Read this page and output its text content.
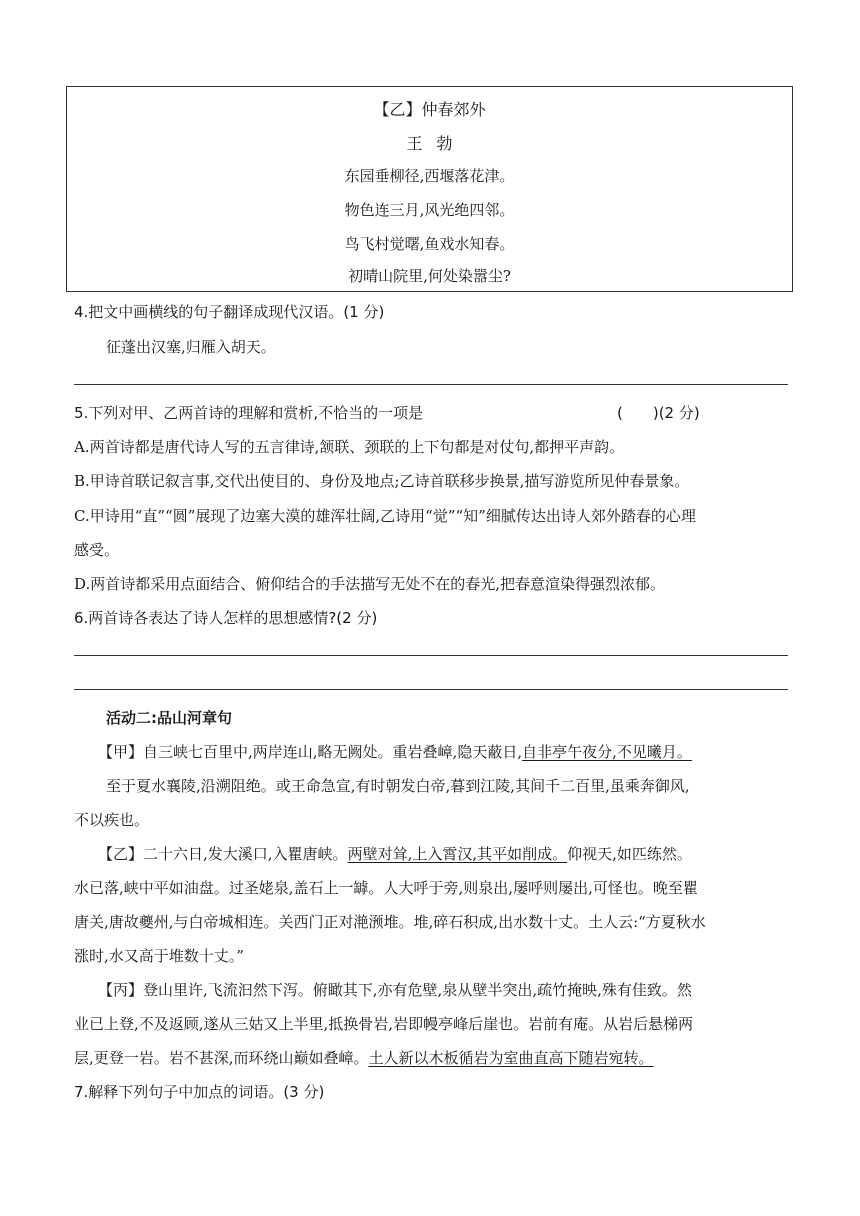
【乙】仲春郊外
王勃
东园垂柳径,西堰落花津。
物色连三月,风光绝四邻。
鸟飞村觉曙,鱼戏水知春。
初晴山院里,何处染嚣尘?
4.把文中画横线的句子翻译成现代汉语。(1 分)
征蓬出汉塞,归雁入胡天。
5.下列对甲、乙两首诗的理解和赏析,不恰当的一项是	(　　)(2 分)
A.两首诗都是唐代诗人写的五言律诗,颔联、颈联的上下句都是对仗句,都押平声韵。
B.甲诗首联记叙言事,交代出使目的、身份及地点;乙诗首联移步换景,描写游览所见仲春景象。
C.甲诗用“直”“圆”展现了边塞大漠的雄浑壮阔,乙诗用“觉”“知”细腻传达出诗人郊外踏春的心理
感受。
D.两首诗都采用点面结合、俯仰结合的手法描写无处不在的春光,把春意渲染得强烈浓郁。
6.两首诗各表达了诗人怎样的思想感情?(2 分)
活动二:品山河章句
【甲】自三峡七百里中,两岸连山,略无阙处。重岩叠嶂,隐天蔽日,自非亭午夜分,不见曦月。
至于夏水襄陵,沿溯阻绝。或王命急宣,有时朝发白帝,暮到江陵,其间千二百里,虽乘奔御风,
不以疾也。
【乙】二十六日,发大溪口,入瞿唐峡。两壁对耸,上入霄汉,其平如削成。仰视天,如匹练然。
水已落,峡中平如油盘。过圣姥泉,盖石上一罅。人大呼于旁,则泉出,屡呼则屡出,可怪也。晚至瞿
唐关,唐故夔州,与白帝城相连。关西门正对滟滪堆。堆,碎石积成,出水数十丈。土人云:“方夏秋水
涨时,水又高于堆数十丈。”
【丙】登山里许,飞流汩然下泻。俯瞰其下,亦有危壁,泉从壁半突出,疏竹掩映,殊有佳致。然
业已上登,不及返顾,遂从三姑又上半里,抵换骨岩,岩即幔亭峰后崖也。岩前有庵。从岩后悬梯两
层,更登一岩。岩不甚深,而环绕山巅如叠嶂。土人新以木板循岩为室曲直高下随岩宛转。
7.解释下列句子中加点的词语。(3 分)
